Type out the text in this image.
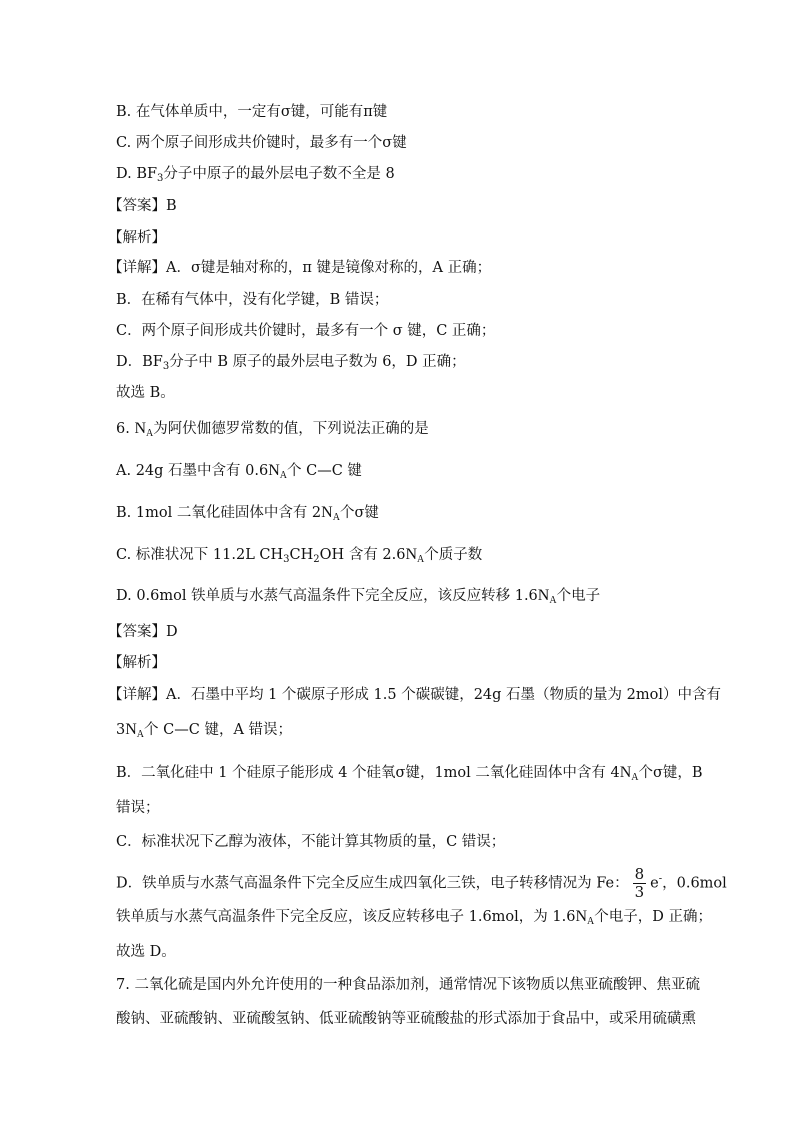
B. 在气体单质中，一定有σ键，可能有π键
C. 两个原子间形成共价键时，最多有一个σ键
D. $BF_3$分子中原子的最外层电子数不全是 8
【答案】B
【解析】
【详解】A．σ键是轴对称的，π 键是镜像对称的，A 正确；
B．在稀有气体中，没有化学键，B 错误；
C．两个原子间形成共价键时，最多有一个 σ 键，C 正确；
D．$BF_3$分子中 B 原子的最外层电子数为 6，D 正确；
故选 B。
6. $N_A$为阿伏伽德罗常数的值，下列说法正确的是
A. 24g 石墨中含有 $0.6N_A$个 C—C 键
B. 1mol 二氧化硅固体中含有 $2N_A$个σ键
C. 标准状况下 11.2L $CH_3CH_2OH$ 含有 $2.6N_A$个质子数
D. 0.6mol 铁单质与水蒸气高温条件下完全反应，该反应转移 $1.6N_A$个电子
【答案】D
【解析】
【详解】A．石墨中平均 1 个碳原子形成 1.5 个碳碳键，24g 石墨（物质的量为 2mol）中含有
$3N_A$个 C—C 键，A 错误；
B．二氧化硅中 1 个硅原子能形成 4 个硅氧σ键，1mol 二氧化硅固体中含有 $4N_A$个σ键，B
错误；
C．标准状况下乙醇为液体，不能计算其物质的量，C 错误；
D．铁单质与水蒸气高温条件下完全反应生成四氧化三铁，电子转移情况为 Fe： $\frac{8}{3} e^-$，0.6mol
铁单质与水蒸气高温条件下完全反应，该反应转移电子 1.6mol，为 $1.6N_A$个电子，D 正确；
故选 D。
7. 二氧化硫是国内外允许使用的一种食品添加剂，通常情况下该物质以焦亚硫酸钾、焦亚硫
酸钠、亚硫酸钠、亚硫酸氢钠、低亚硫酸钠等亚硫酸盐的形式添加于食品中，或采用硫磺熏
